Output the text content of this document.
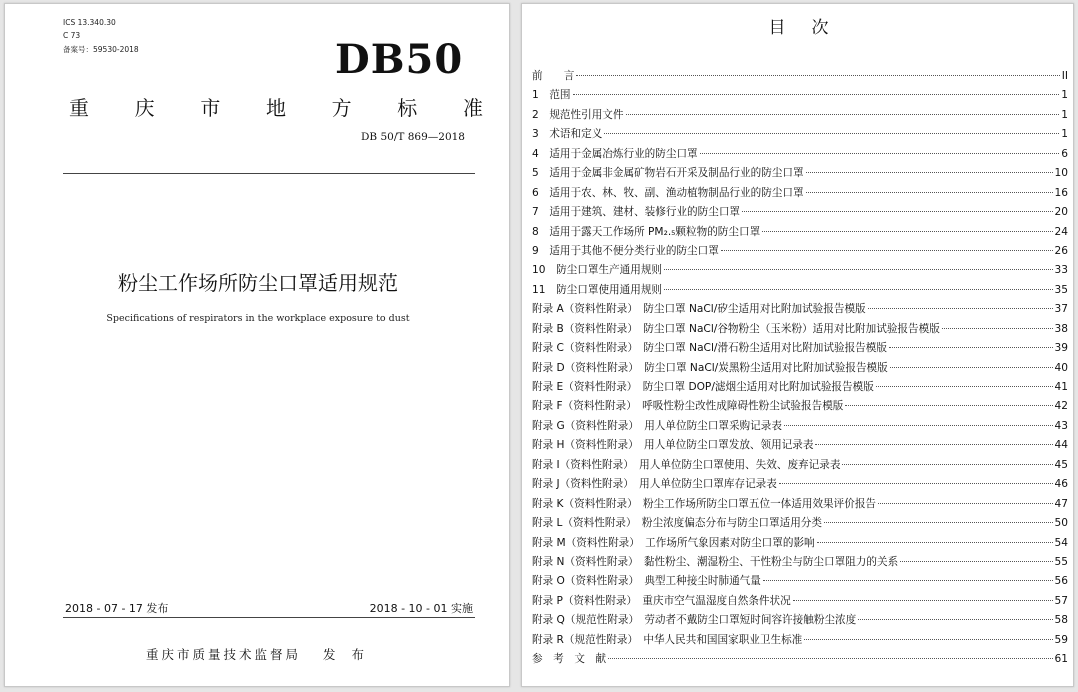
ICS 13.340.30
C 73
备案号：59530-2018	DB50
重 庆 市 地 方 标 准
DB 50/T 869—2018
粉尘工作场所防尘口罩适用规范
Specifications of respirators in the workplace exposure to dust
2018 - 07 - 17 发布	2018 - 10 - 01 实施
重庆市质量技术监督局 发 布
目 次
前　　言	II
1　范围	1
2　规范性引用文件	1
3　术语和定义	1
4　适用于金属冶炼行业的防尘口罩	6
5　适用于金属非金属矿物岩石开采及制品行业的防尘口罩	10
6　适用于农、林、牧、副、渔动植物制品行业的防尘口罩	16
7　适用于建筑、建材、装修行业的防尘口罩	20
8　适用于露天工作场所 PM₂.₅颗粒物的防尘口罩	24
9　适用于其他不便分类行业的防尘口罩	26
10　防尘口罩生产通用规则	33
11　防尘口罩使用通用规则	35
附录 A（资料性附录）　防尘口罩 NaCl/矽尘适用对比附加试验报告模版	37
附录 B（资料性附录）　防尘口罩 NaCl/谷物粉尘（玉米粉）适用对比附加试验报告模版	38
附录 C（资料性附录）　防尘口罩 NaCl/滑石粉尘适用对比附加试验报告模版	39
附录 D（资料性附录）　防尘口罩 NaCl/炭黑粉尘适用对比附加试验报告模版	40
附录 E（资料性附录）　防尘口罩 DOP/滤烟尘适用对比附加试验报告模版	41
附录 F（资料性附录）　呼吸性粉尘改性成障碍性粉尘试验报告模版	42
附录 G（资料性附录）　用人单位防尘口罩采购记录表	43
附录 H（资料性附录）　用人单位防尘口罩发放、领用记录表	44
附录 I（资料性附录）　用人单位防尘口罩使用、失效、废弃记录表	45
附录 J（资料性附录）　用人单位防尘口罩库存记录表	46
附录 K（资料性附录）　粉尘工作场所防尘口罩五位一体适用效果评价报告	47
附录 L（资料性附录）　粉尘浓度偏态分布与防尘口罩适用分类	50
附录 M（资料性附录）　工作场所气象因素对防尘口罩的影响	54
附录 N（资料性附录）　黏性粉尘、潮湿粉尘、干性粉尘与防尘口罩阻力的关系	55
附录 O（资料性附录）　典型工种接尘时肺通气量	56
附录 P（资料性附录）　重庆市空气温湿度自然条件状况	57
附录 Q（规范性附录）　劳动者不戴防尘口罩短时间容许接触粉尘浓度	58
附录 R（规范性附录）　中华人民共和国国家职业卫生标准	59
参　考　文　献	61
